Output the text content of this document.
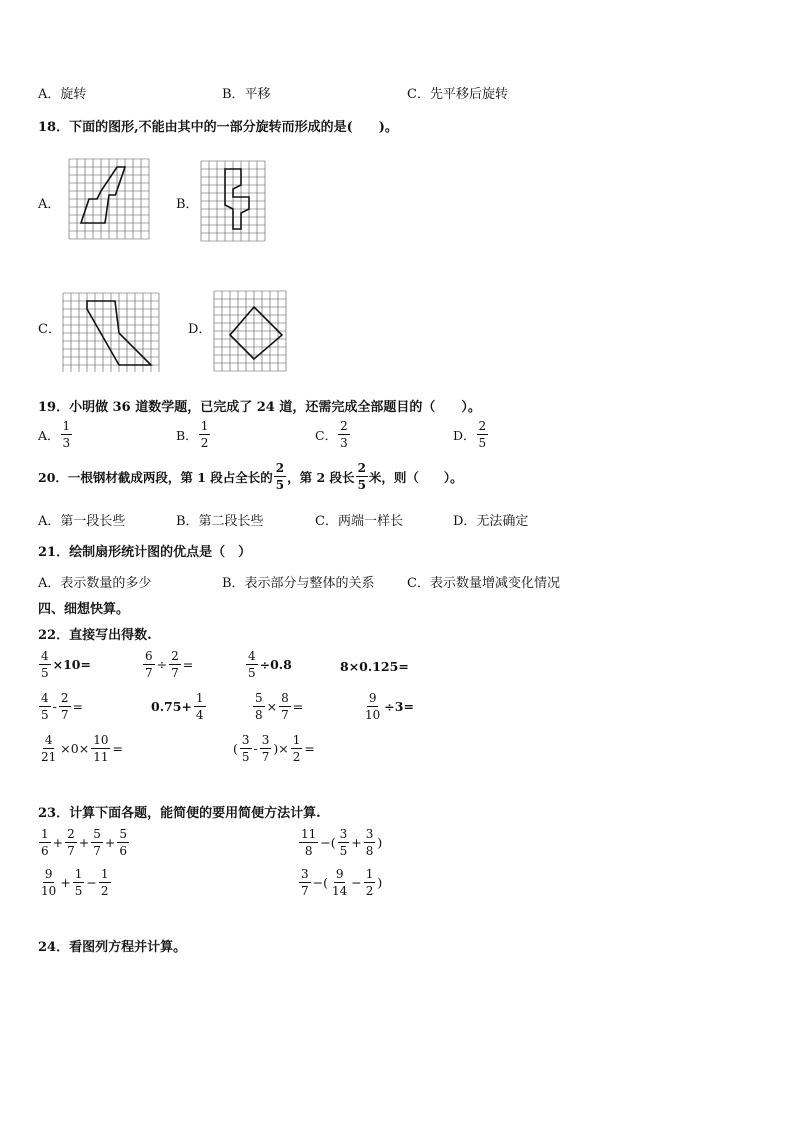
A．旋转	B．平移	C．先平移后旋转
18．下面的图形,不能由其中的一部分旋转而形成的是(　　)。
A．	B．
C．	D．
19．小明做 36 道数学题，已完成了 24 道，还需完成全部题目的（　　）。
A． $\frac{1}{3}$	B． $\frac{1}{2}$	C． $\frac{2}{3}$	D． $\frac{2}{5}$
20．一根钢材截成两段，第 1 段占全长的 $\frac{2}{5}$ ，第 2 段长 $\frac{2}{5}$ 米，则（　　）。
A．第一段长些	B．第二段长些	C．两端一样长	D．无法确定
21．绘制扇形统计图的优点是（　）
A．表示数量的多少	B．表示部分与整体的关系 C．表示数量增减变化情况
四、细想快算。
22．直接写出得数.
$\frac{4}{5} \times 10=$	$\frac{6}{7} \div \frac{2}{7}$ =	$\frac{4}{5} \div 0.8$	8×0.125=
$\frac{4}{5} - \frac{2}{7}$ =	$0.75+ \frac{1}{4}$	$\frac{5}{8} \times \frac{8}{7}$ =	$\frac{9}{10} \div 3=$
$\frac{4}{21} \times 0\times \frac{10}{11}$ =	( $\frac{3}{5} - \frac{3}{7}$ )× $\frac{1}{2}$ =
23．计算下面各题，能简便的要用简便方法计算.
$\frac{1}{6} + \frac{2}{7} + \frac{5}{7} + \frac{5}{6}$	$\frac{11}{8}$ −( $\frac{3}{5} + \frac{3}{8}$ )
$\frac{9}{10} + \frac{1}{5} - \frac{1}{2}$	$\frac{3}{7}$ −( $\frac{9}{14} - \frac{1}{2}$ )
24．看图列方程并计算。
